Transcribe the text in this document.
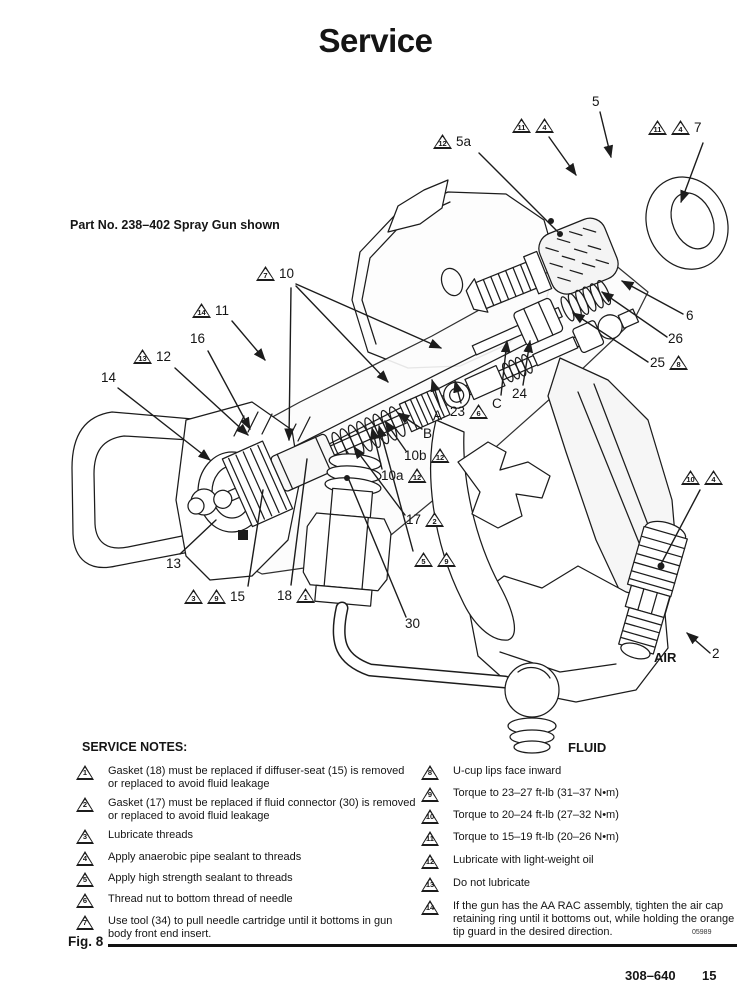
Service
Part No. 238–402 Spray Gun shown
11	4
5
11	4 7
12 5a
7 10
14 11
16
13 12
14
A 23	6
C
24
6
26
25	8
B
10b	12
10a	12
17	2
5	9
13
3	9 15 18	1
30
10	4
AIR	2
FLUID
SERVICE NOTES:
1	Gasket (18) must be replaced if diffuser-seat (15) is removed or replaced to avoid fluid leakage
2	Gasket (17) must be replaced if fluid connector (30) is removed or replaced to avoid fluid leakage
3	Lubricate threads
4	Apply anaerobic pipe sealant to threads
5	Apply high strength sealant to threads
6	Thread nut to bottom thread of needle
7	Use tool (34) to pull needle cartridge until it bottoms in gun body front end insert.
8	U-cup lips face inward
9	Torque to 23–27 ft-lb (31–37 N•m)
10	Torque to 20–24 ft-lb (27–32 N•m)
11	Torque to 15–19 ft-lb (20–26 N•m)
12	Lubricate with light-weight oil
13	Do not lubricate
14	If the gun has the AA RAC assembly, tighten the air cap retaining ring until it bottoms out, while holding the orange tip guard in the desired direction.	05989
Fig. 8
308–640 15
